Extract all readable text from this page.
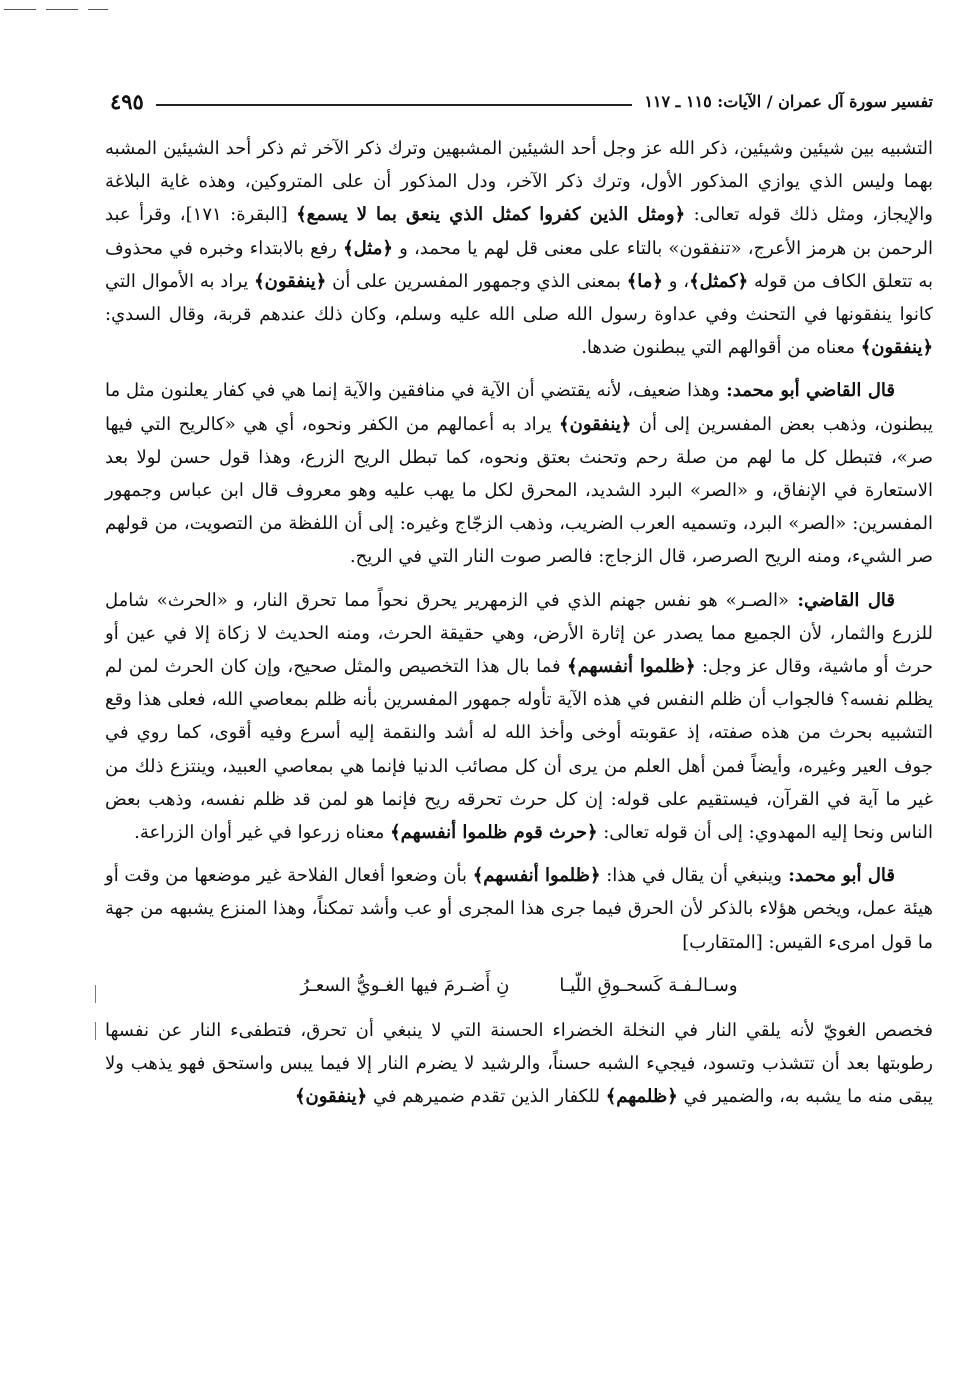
تفسير سورة آل عمران / الآيات: ١١٥ ـ ١١٧
٤٩٥

التشبيه بين شيئين وشيئين، ذكر الله عز وجل أحد الشيئين المشبهين وترك ذكر الآخر ثم ذكر أحد الشيئين المشبه بهما وليس الذي يوازي المذكور الأول، وترك ذكر الآخر، ودل المذكور أن على المتروكين، وهذه غاية البلاغة والإيجاز، ومثل ذلك قوله تعالى: ﴿ومثل الذين كفروا كمثل الذي ينعق بما لا يسمع﴾ [البقرة: ١٧١]، وقرأ عبد الرحمن بن هرمز الأعرج، «تنفقون» بالتاء على معنى قل لهم يا محمد، و ﴿مثل﴾ رفع بالابتداء وخبره في محذوف به تتعلق الكاف من قوله ﴿كمثل﴾، و ﴿ما﴾ بمعنى الذي وجمهور المفسرين على أن ﴿ينفقون﴾ يراد به الأموال التي كانوا ينفقونها في التحنث وفي عداوة رسول الله صلى الله عليه وسلم، وكان ذلك عندهم قربة، وقال السدي: ﴿ينفقون﴾ معناه من أقوالهم التي يبطنون ضدها.

قال القاضي أبو محمد: وهذا ضعيف، لأنه يقتضي أن الآية في منافقين والآية إنما هي في كفار يعلنون مثل ما يبطنون، وذهب بعض المفسرين إلى أن ﴿ينفقون﴾ يراد به أعمالهم من الكفر ونحوه، أي هي «كالريح التي فيها صر»، فتبطل كل ما لهم من صلة رحم وتحنث بعتق ونحوه، كما تبطل الريح الزرع، وهذا قول حسن لولا بعد الاستعارة في الإنفاق، و «الصر» البرد الشديد، المحرق لكل ما يهب عليه وهو معروف قال ابن عباس وجمهور المفسرين: «الصر» البرد، وتسميه العرب الضريب، وذهب الزجّاج وغيره: إلى أن اللفظة من التصويت، من قولهم صر الشيء، ومنه الريح الصرصر، قال الزجاج: فالصر صوت النار التي في الريح.

قال القاضي: «الصـر» هو نفس جهنم الذي في الزمهرير يحرق نحواً مما تحرق النار، و «الحرث» شامل للزرع والثمار، لأن الجميع مما يصدر عن إثارة الأرض، وهي حقيقة الحرث، ومنه الحديث لا زكاة إلا في عين أو حرث أو ماشية، وقال عز وجل: ﴿ظلموا أنفسهم﴾ فما بال هذا التخصيص والمثل صحيح، وإن كان الحرث لمن لم يظلم نفسه؟ فالجواب أن ظلم النفس في هذه الآية تأوله جمهور المفسرين بأنه ظلم بمعاصي الله، فعلى هذا وقع التشبيه بحرث من هذه صفته، إذ عقوبته أوخى وأخذ الله له أشد والنقمة إليه أسرع وفيه أقوى، كما روي في جوف العير وغيره، وأيضاً فمن أهل العلم من يرى أن كل مصائب الدنيا فإنما هي بمعاصي العبيد، وينتزع ذلك من غير ما آية في القرآن، فيستقيم على قوله: إن كل حرث تحرقه ريح فإنما هو لمن قد ظلم نفسه، وذهب بعض الناس ونحا إليه المهدوي: إلى أن قوله تعالى: ﴿حرث قوم ظلموا أنفسهم﴾ معناه زرعوا في غير أوان الزراعة.

قال أبو محمد: وينبغي أن يقال في هذا: ﴿ظلموا أنفسهم﴾ بأن وضعوا أفعال الفلاحة غير موضعها من وقت أو هيئة عمل، ويخص هؤلاء بالذكر لأن الحرق فيما جرى هذا المجرى أو عب وأشد تمكناً، وهذا المنزع يشبهه من جهة ما قول امرىء القيس: [المتقارب]

وسـالـفـة كَسحـوقِ اللّيـا
نِ أَضـرمَ فيها الغـويُّ السعـرُ

فخصص الغويّ لأنه يلقي النار في النخلة الخضراء الحسنة التي لا ينبغي أن تحرق، فتطفىء النار عن نفسها رطوبتها بعد أن تتشذب وتسود، فيجيء الشبه حسناً، والرشيد لا يضرم النار إلا فيما يبس واستحق فهو يذهب ولا يبقى منه ما يشبه به، والضمير في ﴿ظلمهم﴾ للكفار الذين تقدم ضميرهم في ﴿ينفقون﴾
